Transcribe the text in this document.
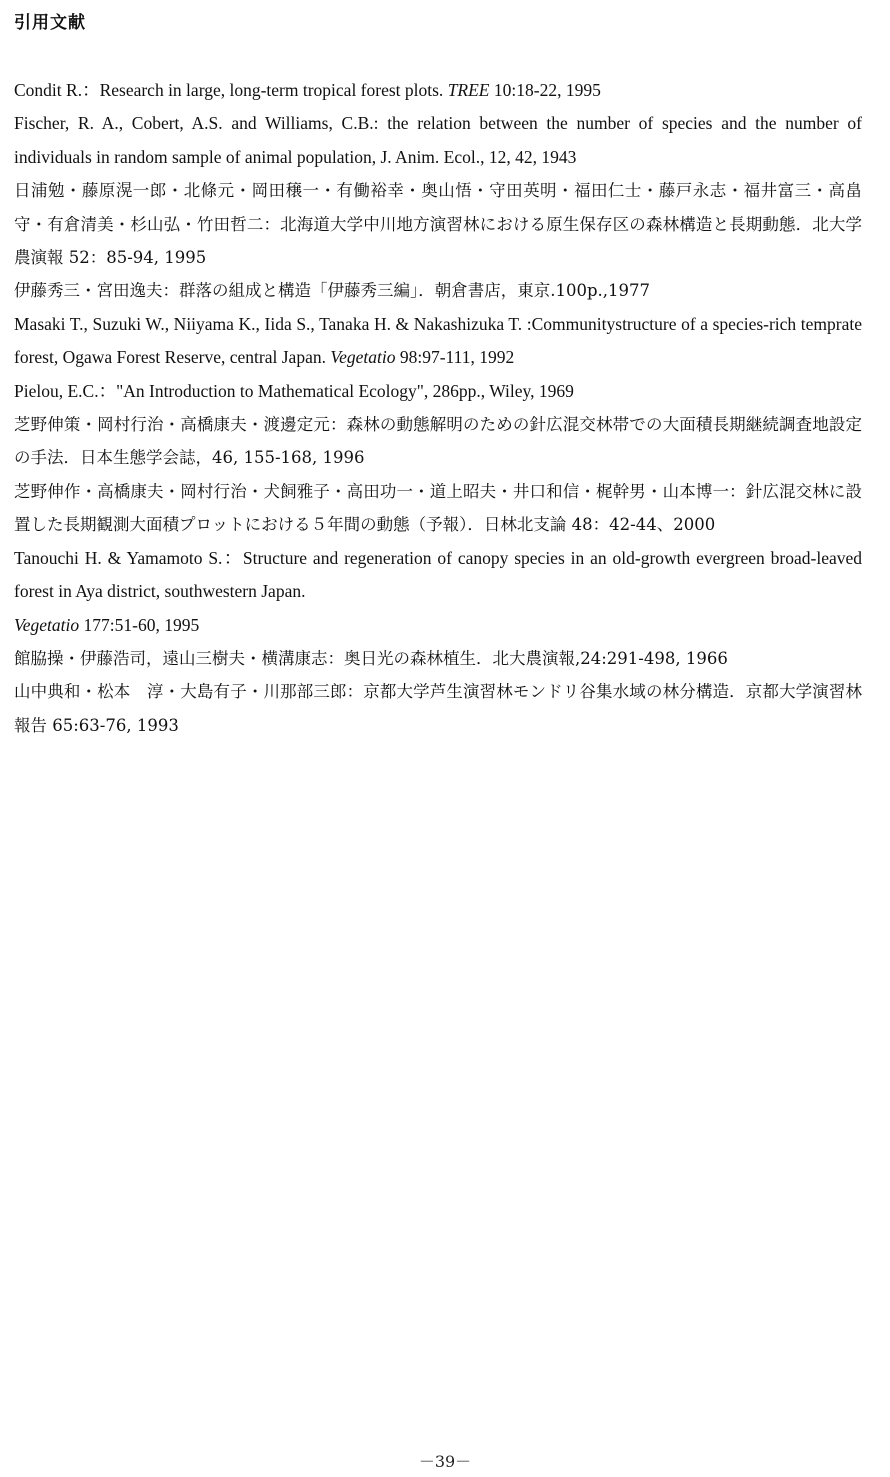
引用文献

Condit R.：Research in large, long-term tropical forest plots. TREE 10:18-22, 1995

Fischer, R. A., Cobert, A.S. and Williams, C.B.: the relation between the number of species and the number of individuals in random sample of animal population, J. Anim. Ecol., 12, 42, 1943

日浦勉・藤原滉一郎・北條元・岡田穣一・有働裕幸・奥山悟・守田英明・福田仁士・藤戸永志・福井富三・高畠守・有倉清美・杉山弘・竹田哲二：北海道大学中川地方演習林における原生保存区の森林構造と長期動態．北大学農演報 52：85-94, 1995

伊藤秀三・宮田逸夫：群落の組成と構造「伊藤秀三編」．朝倉書店，東京.100p.,1977

Masaki T., Suzuki W., Niiyama K., Iida S., Tanaka H. & Nakashizuka T. :Communitystructure of a species-rich temprate forest, Ogawa Forest Reserve, central Japan. Vegetatio 98:97-111, 1992

Pielou, E.C.："An Introduction to Mathematical Ecology", 286pp., Wiley, 1969

芝野伸策・岡村行治・高橋康夫・渡邊定元：森林の動態解明のための針広混交林帯での大面積長期継続調査地設定の手法．日本生態学会誌，46, 155-168, 1996

芝野伸作・高橋康夫・岡村行治・犬飼雅子・高田功一・道上昭夫・井口和信・梶幹男・山本博一：針広混交林に設置した長期観測大面積プロットにおける５年間の動態（予報）．日林北支論 48：42-44、2000

Tanouchi H. & Yamamoto S.：Structure and regeneration of canopy species in an old-growth evergreen broad-leaved forest in Aya district, southwestern Japan.

Vegetatio 177:51-60, 1995

館脇操・伊藤浩司，遠山三樹夫・横溝康志：奥日光の森林植生．北大農演報,24:291-498, 1966

山中典和・松本　淳・大島有子・川那部三郎：京都大学芦生演習林モンドリ谷集水域の林分構造．京都大学演習林報告 65:63-76, 1993

－39－
